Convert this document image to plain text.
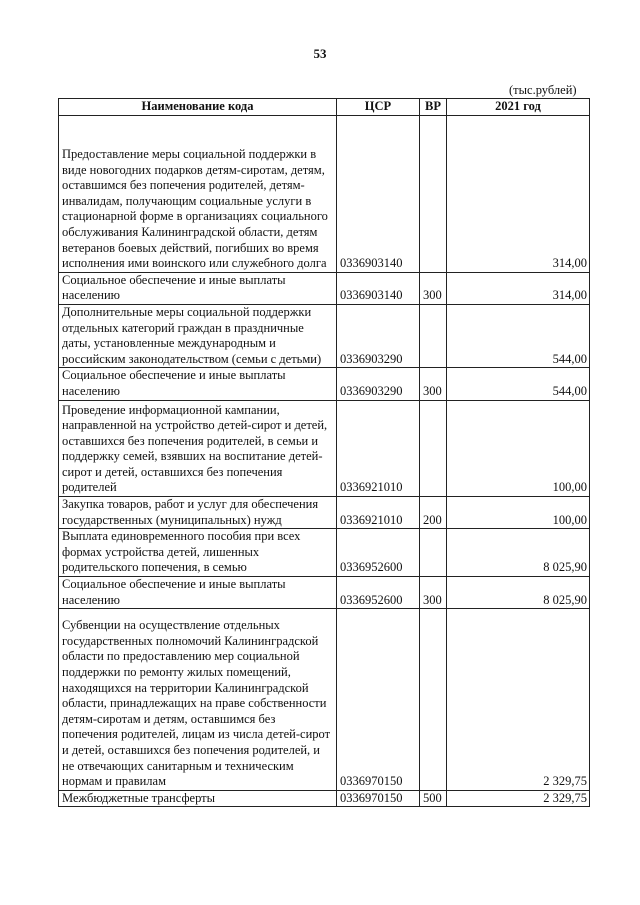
53
(тыс.рублей)
Наименование кода	ЦСР	ВР	2021 год
Предоставление меры социальной поддержки в виде новогодних подарков детям-сиротам, детям, оставшимся без попечения родителей, детям-инвалидам, получающим социальные услуги в стационарной форме в организациях социального обслуживания Калининградской области, детям ветеранов боевых действий, погибших во время исполнения ими воинского или служебного долга	0336903140		314,00
Социальное обеспечение и иные выплаты населению	0336903140	300	314,00
Дополнительные меры социальной поддержки отдельных категорий граждан в праздничные даты, установленные международным и российским законодательством (семьи с детьми)	0336903290		544,00
Социальное обеспечение и иные выплаты населению	0336903290	300	544,00
Проведение информационной кампании, направленной на устройство детей-сирот и детей, оставшихся без попечения родителей, в семьи и поддержку семей, взявших на воспитание детей-сирот и детей, оставшихся без попечения родителей	0336921010		100,00
Закупка товаров, работ и услуг для обеспечения государственных (муниципальных) нужд	0336921010	200	100,00
Выплата единовременного пособия при всех формах устройства детей, лишенных родительского попечения, в семью	0336952600		8 025,90
Социальное обеспечение и иные выплаты населению	0336952600	300	8 025,90
Субвенции на осуществление отдельных государственных полномочий Калининградской области по предоставлению мер социальной поддержки по ремонту жилых помещений, находящихся на территории Калининградской области, принадлежащих на праве собственности детям-сиротам и детям, оставшимся без попечения родителей, лицам из числа детей-сирот и детей, оставшихся без попечения родителей, и не отвечающих санитарным и техническим нормам и правилам	0336970150		2 329,75
Межбюджетные трансферты	0336970150	500	2 329,75
